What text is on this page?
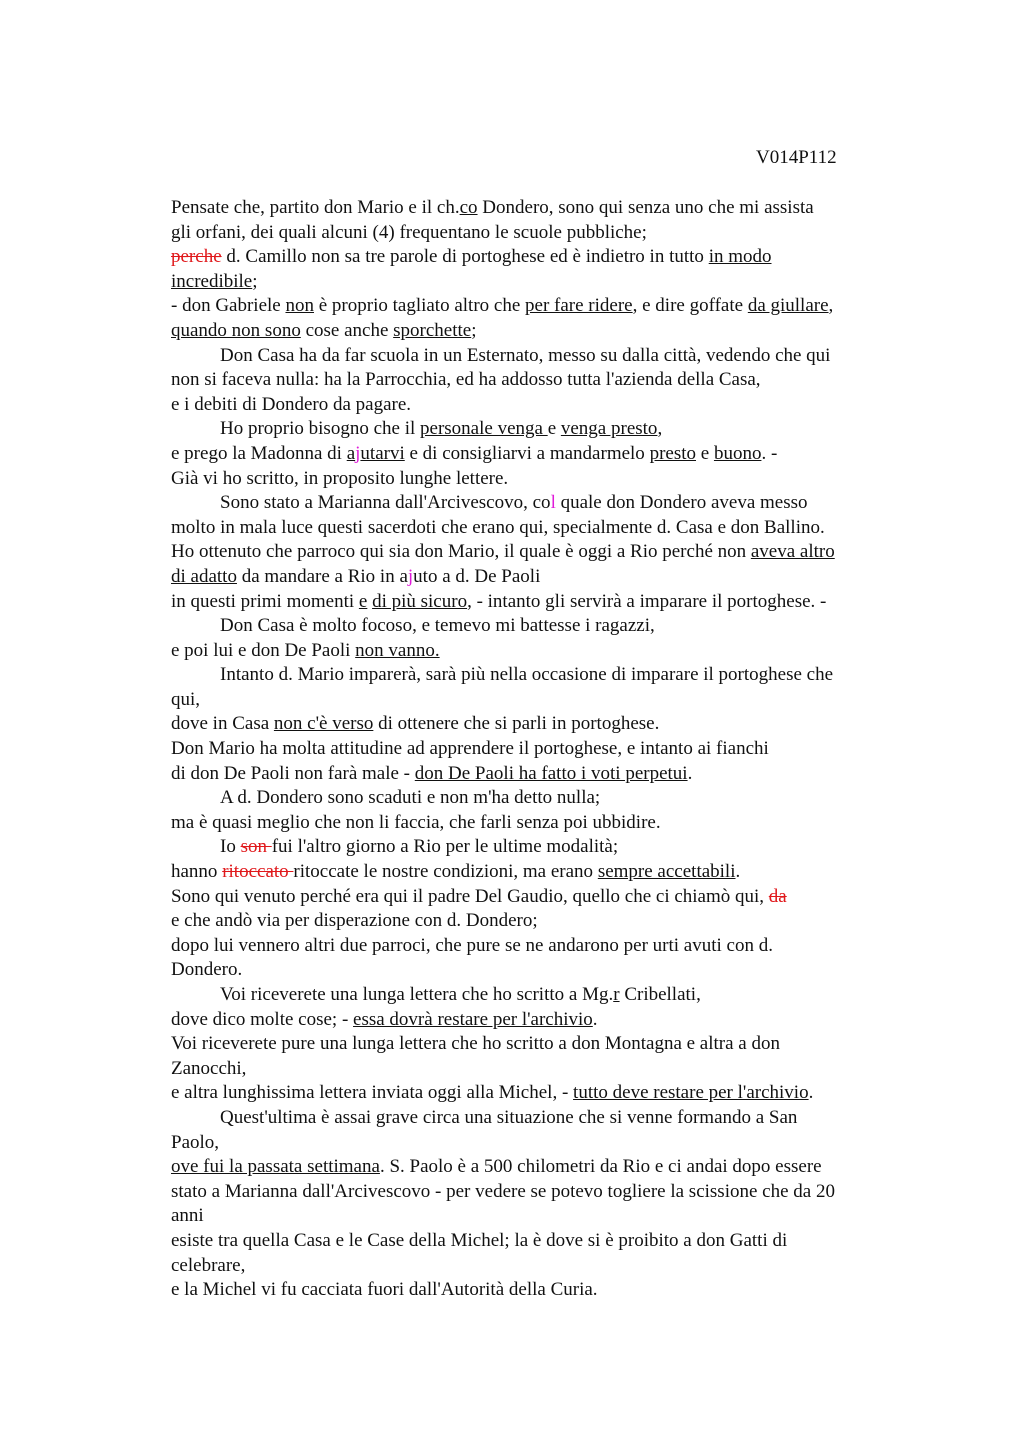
V014P112
Pensate che, partito don Mario e il ch.co Dondero, sono qui senza uno che mi assista
gli orfani, dei quali alcuni (4) frequentano le scuole pubbliche;
perche d. Camillo non sa tre parole di portoghese ed è indietro in tutto in modo
incredibile;
- don Gabriele non è proprio tagliato altro che per fare ridere, e dire goffate da giullare,
quando non sono cose anche sporchette;
Don Casa ha da far scuola in un Esternato, messo su dalla città, vedendo che qui
non si faceva nulla: ha la Parrocchia, ed ha addosso tutta l'azienda della Casa,
e i debiti di Dondero da pagare.
Ho proprio bisogno che il personale venga e venga presto,
e prego la Madonna di ajutarvi e di consigliarvi a mandarmelo presto e buono. -
Già vi ho scritto, in proposito lunghe lettere.
Sono stato a Marianna dall'Arcivescovo, col quale don Dondero aveva messo
molto in mala luce questi sacerdoti che erano qui, specialmente d. Casa e don Ballino.
Ho ottenuto che parroco qui sia don Mario, il quale è oggi a Rio perché non aveva altro
di adatto da mandare a Rio in ajuto a d. De Paoli
in questi primi momenti e di più sicuro, - intanto gli servirà a imparare il portoghese. -
Don Casa è molto focoso, e temevo mi battesse i ragazzi,
e poi lui e don De Paoli non vanno.
Intanto d. Mario imparerà, sarà più nella occasione di imparare il portoghese che
qui,
dove in Casa non c'è verso di ottenere che si parli in portoghese.
Don Mario ha molta attitudine ad apprendere il portoghese, e intanto ai fianchi
di don De Paoli non farà male - don De Paoli ha fatto i voti perpetui.
A d. Dondero sono scaduti e non m'ha detto nulla;
ma è quasi meglio che non li faccia, che farli senza poi ubbidire.
Io son fui l'altro giorno a Rio per le ultime modalità;
hanno ritoccato ritoccate le nostre condizioni, ma erano sempre accettabili.
Sono qui venuto perché era qui il padre Del Gaudio, quello che ci chiamò qui, da
e che andò via per disperazione con d. Dondero;
dopo lui vennero altri due parroci, che pure se ne andarono per urti avuti con d.
Dondero.
Voi riceverete una lunga lettera che ho scritto a Mg.r Cribellati,
dove dico molte cose; - essa dovrà restare per l'archivio.
Voi riceverete pure una lunga lettera che ho scritto a don Montagna e altra a don
Zanocchi,
e altra lunghissima lettera inviata oggi alla Michel, - tutto deve restare per l'archivio.
Quest'ultima è assai grave circa una situazione che si venne formando a San
Paolo,
ove fui la passata settimana. S. Paolo è a 500 chilometri da Rio e ci andai dopo essere
stato a Marianna dall'Arcivescovo - per vedere se potevo togliere la scissione che da 20
anni
esiste tra quella Casa e le Case della Michel; la è dove si è proibito a don Gatti di
celebrare,
e la Michel vi fu cacciata fuori dall'Autorità della Curia.
